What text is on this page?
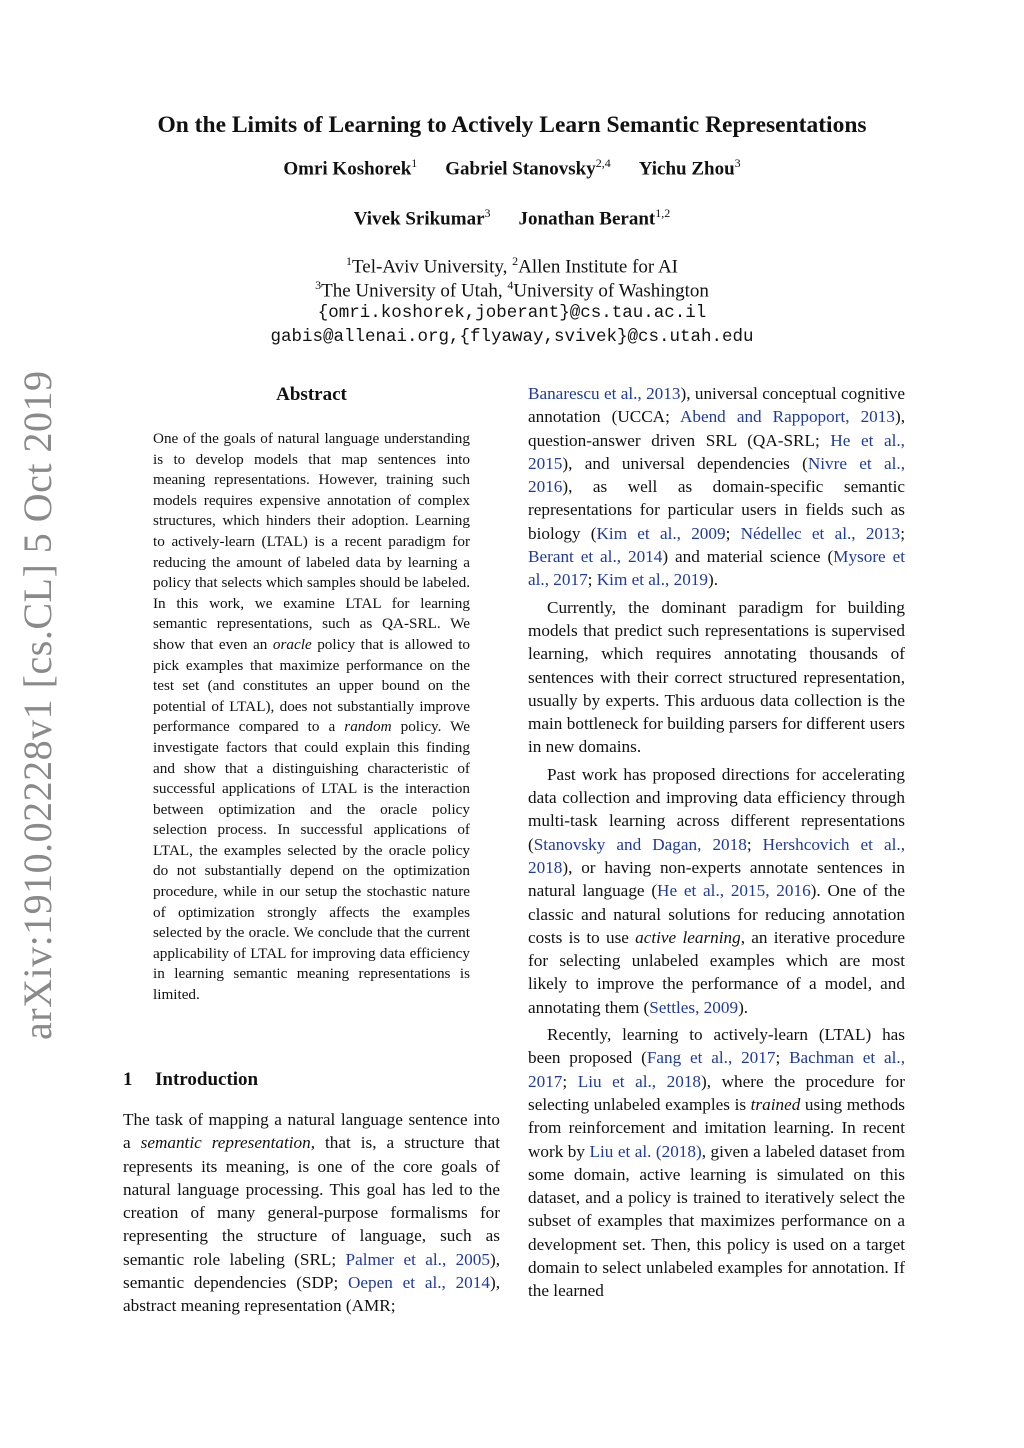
arXiv:1910.02228v1 [cs.CL] 5 Oct 2019
On the Limits of Learning to Actively Learn Semantic Representations
Omri Koshorek$^1$ Gabriel Stanovsky$^{2,4}$ Yichu Zhou$^3$
Vivek Srikumar$^3$ Jonathan Berant$^{1,2}$
$^1$Tel-Aviv University, $^2$Allen Institute for AI
$^3$The University of Utah, $^4$University of Washington
{omri.koshorek,joberant}@cs.tau.ac.il
gabis@allenai.org,{flyaway,svivek}@cs.utah.edu
Abstract
One of the goals of natural language understanding is to develop models that map sentences into meaning representations. However, training such models requires expensive annotation of complex structures, which hinders their adoption. Learning to actively-learn (LTAL) is a recent paradigm for reducing the amount of labeled data by learning a policy that selects which samples should be labeled. In this work, we examine LTAL for learning semantic representations, such as QA-SRL. We show that even an oracle policy that is allowed to pick examples that maximize performance on the test set (and constitutes an upper bound on the potential of LTAL), does not substantially improve performance compared to a random policy. We investigate factors that could explain this finding and show that a distinguishing characteristic of successful applications of LTAL is the interaction between optimization and the oracle policy selection process. In successful applications of LTAL, the examples selected by the oracle policy do not substantially depend on the optimization procedure, while in our setup the stochastic nature of optimization strongly affects the examples selected by the oracle. We conclude that the current applicability of LTAL for improving data efficiency in learning semantic meaning representations is limited.
1 Introduction

The task of mapping a natural language sentence into a semantic representation, that is, a structure that represents its meaning, is one of the core goals of natural language processing. This goal has led to the creation of many general-purpose formalisms for representing the structure of language, such as semantic role labeling (SRL; Palmer et al., 2005), semantic dependencies (SDP; Oepen et al., 2014), abstract meaning representation (AMR;

Banarescu et al., 2013), universal conceptual cognitive annotation (UCCA; Abend and Rappoport, 2013), question-answer driven SRL (QA-SRL; He et al., 2015), and universal dependencies (Nivre et al., 2016), as well as domain-specific semantic representations for particular users in fields such as biology (Kim et al., 2009; Nédellec et al., 2013; Berant et al., 2014) and material science (Mysore et al., 2017; Kim et al., 2019).

Currently, the dominant paradigm for building models that predict such representations is supervised learning, which requires annotating thousands of sentences with their correct structured representation, usually by experts. This arduous data collection is the main bottleneck for building parsers for different users in new domains.

Past work has proposed directions for accelerating data collection and improving data efficiency through multi-task learning across different representations (Stanovsky and Dagan, 2018; Hershcovich et al., 2018), or having non-experts annotate sentences in natural language (He et al., 2015, 2016). One of the classic and natural solutions for reducing annotation costs is to use active learning, an iterative procedure for selecting unlabeled examples which are most likely to improve the performance of a model, and annotating them (Settles, 2009).

Recently, learning to actively-learn (LTAL) has been proposed (Fang et al., 2017; Bachman et al., 2017; Liu et al., 2018), where the procedure for selecting unlabeled examples is trained using methods from reinforcement and imitation learning. In recent work by Liu et al. (2018), given a labeled dataset from some domain, active learning is simulated on this dataset, and a policy is trained to iteratively select the subset of examples that maximizes performance on a development set. Then, this policy is used on a target domain to select unlabeled examples for annotation. If the learned
